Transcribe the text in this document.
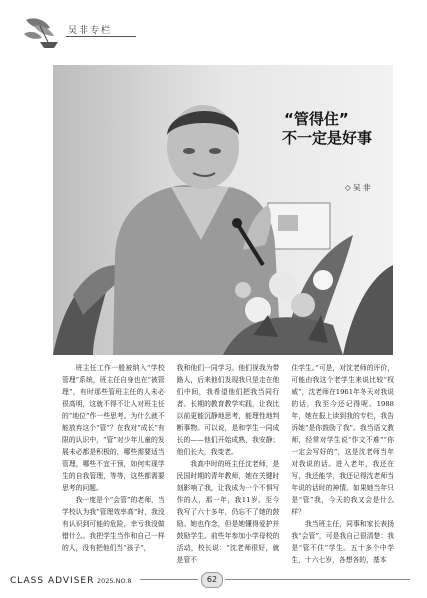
吴非专栏
“管得住”
不一定是好事
◇ 吴 非

班主任工作一般被纳入“学校管理”系统，班主任自身也在“被管理”，有时那些管班主任的人未必很高明，这就不得不让人对班主任的“地位”作一些思考。为什么就不能放弃这个“管”？在我对“成长”有限的认识中，“管”对少年儿童的发展未必都是积极的，哪些需要适当管理，哪些不宜干预，如何实现学生的自我管理，等等，这些都需要思考的问题。

我一度是个“会管”的老师，当学校认为我“管理效率高”时，我没有认识到可能的危险，幸亏我没做错什么。我把学生当作和自己一样的人，没有把他们当“孩子”，

我和他们一同学习。他们视我为带路人，后来他们发现我只是走在他们中间，我希望他们把我当同行者。长期的教育教学实践，让我比以前更能沉静地思考，能理性地判断事物。可以说，是和学生一同成长的——他们开始成熟，我安静；他们长大，我变老。

我高中时的班主任沈老师，是民国时期的青年教师，她在关键时刻影响了我，让我成为一个不惧写作的人，那一年，我11岁。至今我写了六十多年，仍忘不了她的鼓励。她也作念，但是她懂得爱护并鼓励学生。前些年参加小学母校的活动，校长说：“沈老师很好，就是管不

住学生。”可是，对沈老师的评价，可能由我这个老学生来说比较“权威”，沈老师在1961年冬天对我说的话，我至今还记得呢。1988年，她在报上读到我的专栏，我告诉她“是你鼓励了我”。我当语文教师，经常对学生说“作文不难”“你一定会写好的”，这是沈老师当年对我说的话。进入老年，我还在写，我还能学，我还记得沈老师当年说的话时的神情。如果她当年只是“管”我，今天的我又会是什么样？

我当班主任，同事和家长表扬我“会管”，可是我自己很清楚：我是“管不住”学生。五十多个中学生，十六七岁，各想各的，基本

CLASS ADVISER 2025.NO.8	62
